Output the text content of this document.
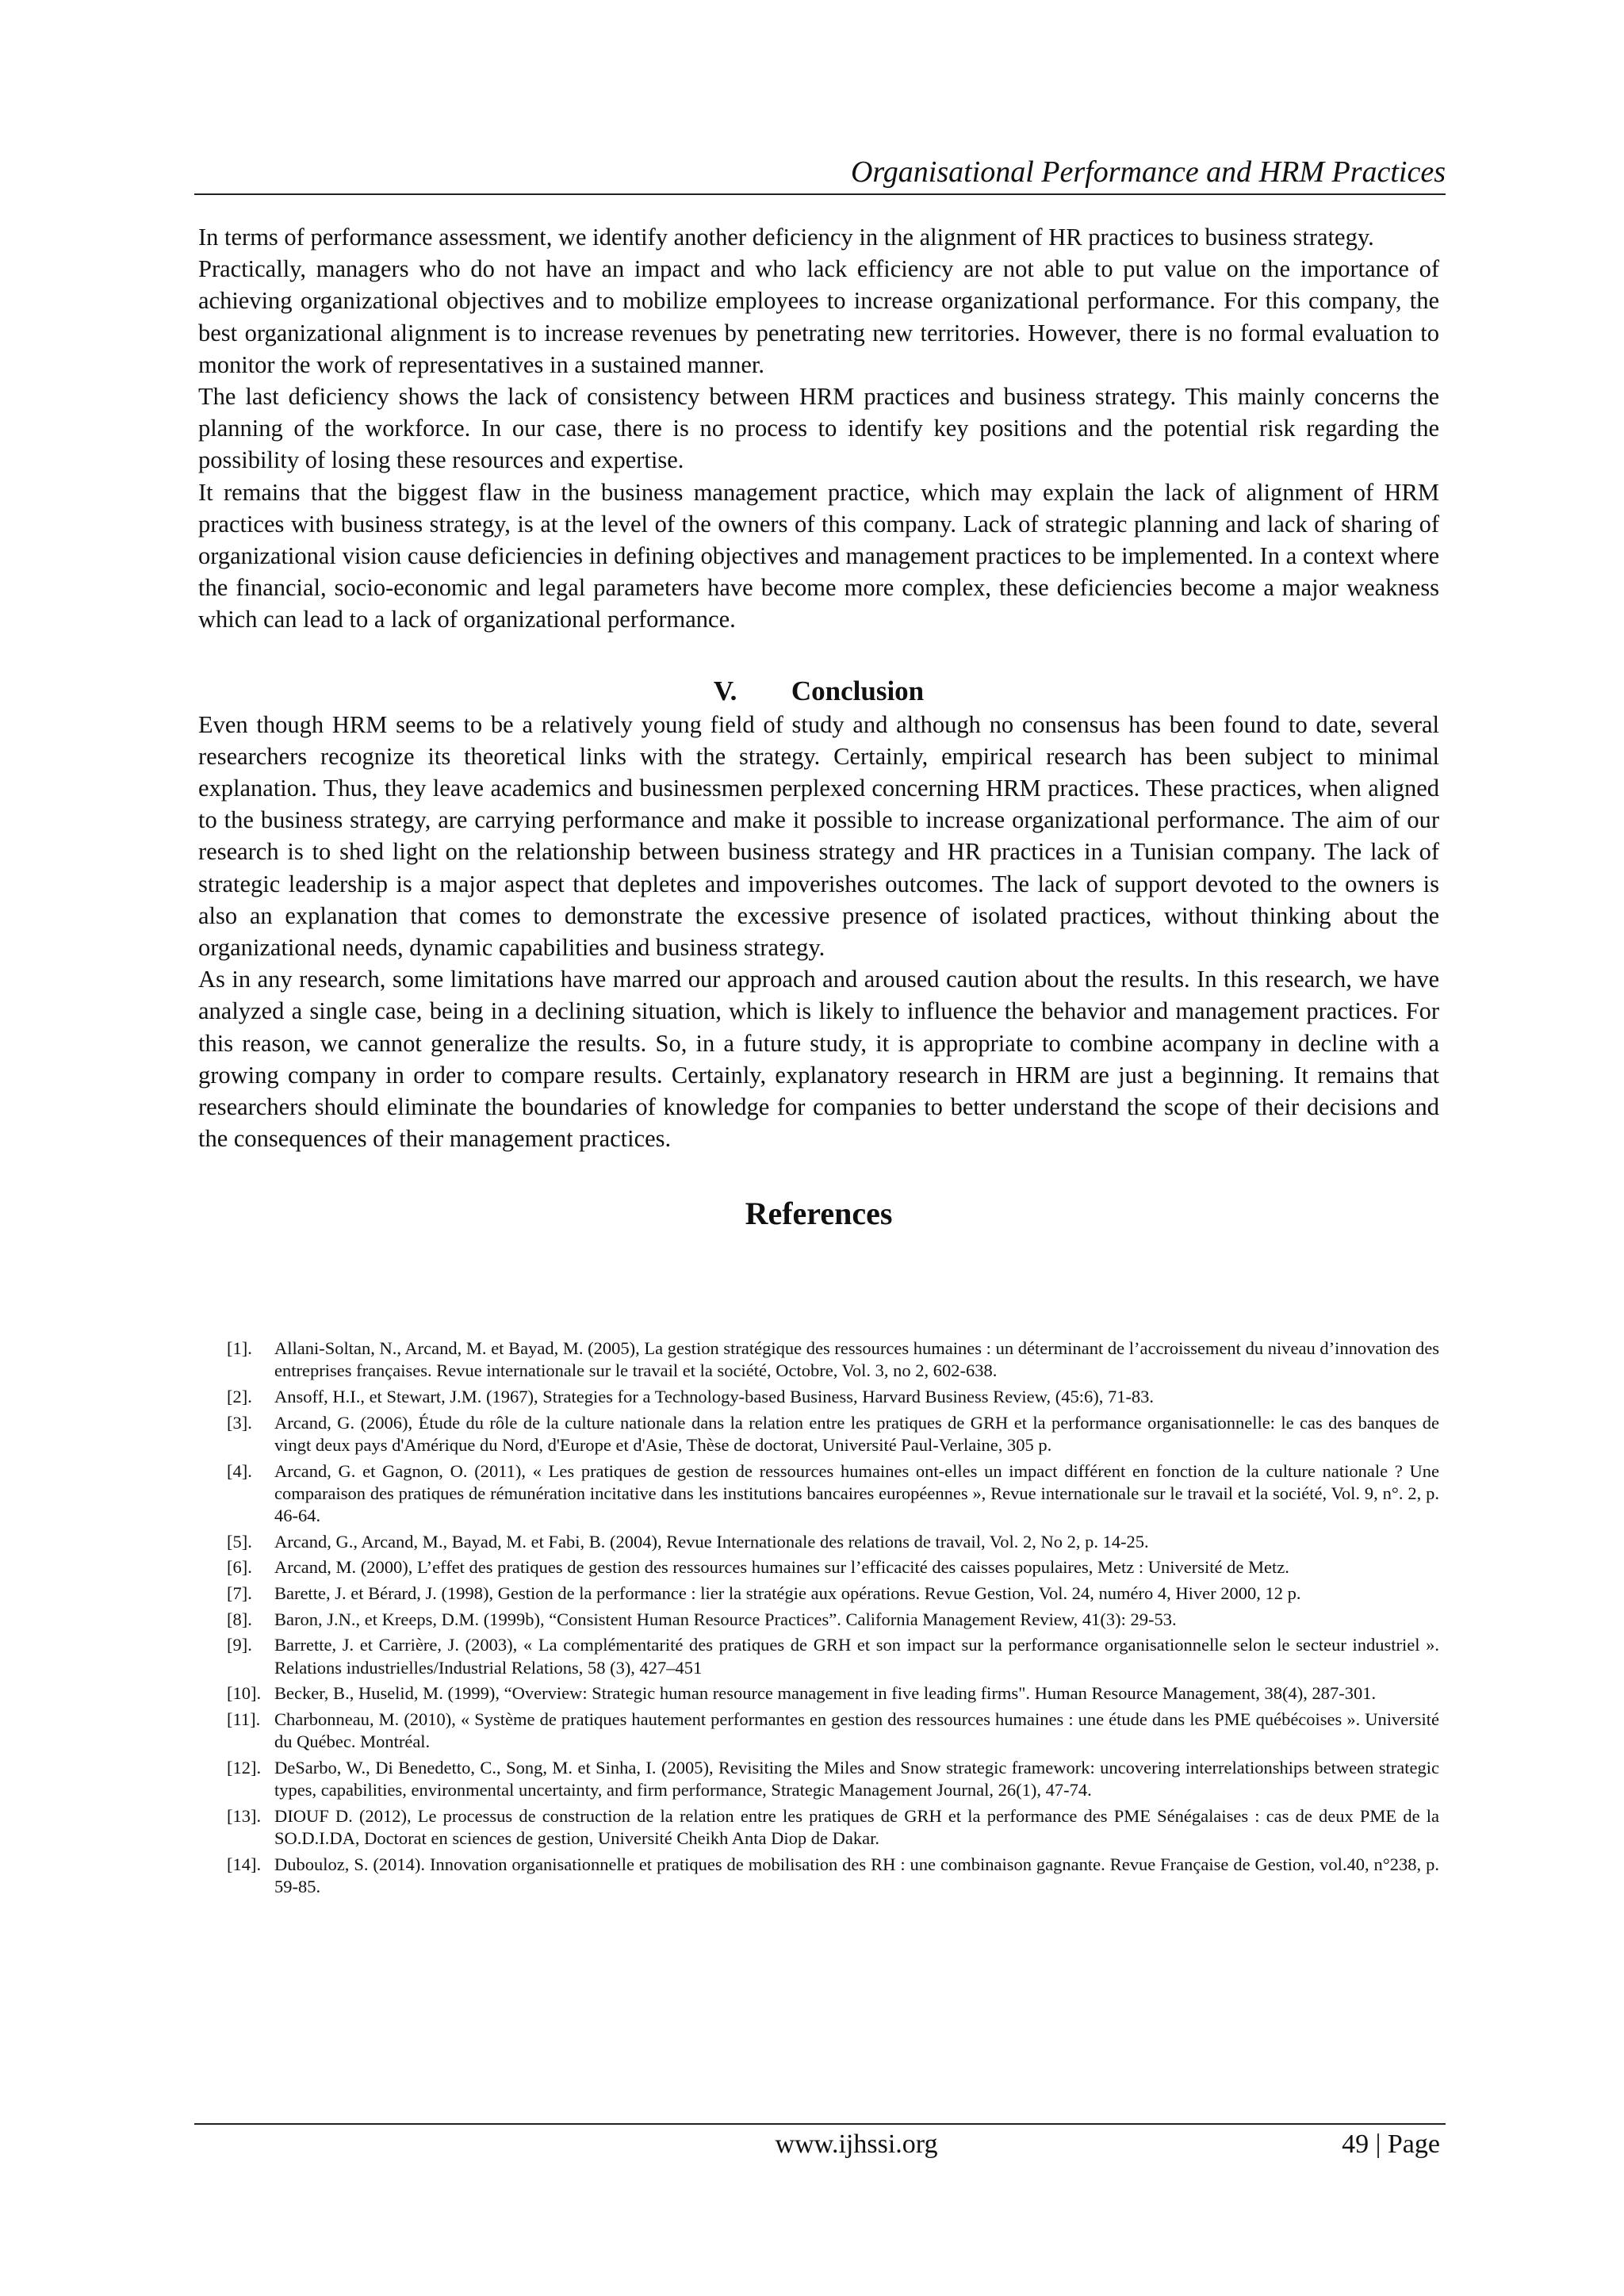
Organisational Performance and HRM Practices

In terms of performance assessment, we identify another deficiency in the alignment of HR practices to business strategy.

Practically, managers who do not have an impact and who lack efficiency are not able to put value on the importance of achieving organizational objectives and to mobilize employees to increase organizational performance. For this company, the best organizational alignment is to increase revenues by penetrating new territories. However, there is no formal evaluation to monitor the work of representatives in a sustained manner.

The last deficiency shows the lack of consistency between HRM practices and business strategy. This mainly concerns the planning of the workforce. In our case, there is no process to identify key positions and the potential risk regarding the possibility of losing these resources and expertise.

It remains that the biggest flaw in the business management practice, which may explain the lack of alignment of HRM practices with business strategy, is at the level of the owners of this company. Lack of strategic planning and lack of sharing of organizational vision cause deficiencies in defining objectives and management practices to be implemented. In a context where the financial, socio-economic and legal parameters have become more complex, these deficiencies become a major weakness which can lead to a lack of organizational performance.

V. Conclusion

Even though HRM seems to be a relatively young field of study and although no consensus has been found to date, several researchers recognize its theoretical links with the strategy. Certainly, empirical research has been subject to minimal explanation. Thus, they leave academics and businessmen perplexed concerning HRM practices. These practices, when aligned to the business strategy, are carrying performance and make it possible to increase organizational performance. The aim of our research is to shed light on the relationship between business strategy and HR practices in a Tunisian company. The lack of strategic leadership is a major aspect that depletes and impoverishes outcomes. The lack of support devoted to the owners is also an explanation that comes to demonstrate the excessive presence of isolated practices, without thinking about the organizational needs, dynamic capabilities and business strategy.

As in any research, some limitations have marred our approach and aroused caution about the results. In this research, we have analyzed a single case, being in a declining situation, which is likely to influence the behavior and management practices. For this reason, we cannot generalize the results. So, in a future study, it is appropriate to combine acompany in decline with a growing company in order to compare results. Certainly, explanatory research in HRM are just a beginning. It remains that researchers should eliminate the boundaries of knowledge for companies to better understand the scope of their decisions and the consequences of their management practices.

References
[1].	Allani-Soltan, N., Arcand, M. et Bayad, M. (2005), La gestion stratégique des ressources humaines : un déterminant de l’accroissement du niveau d’innovation des entreprises françaises. Revue internationale sur le travail et la société, Octobre, Vol. 3, no 2, 602-638.
[2].	Ansoff, H.I., et Stewart, J.M. (1967), Strategies for a Technology-based Business, Harvard Business Review, (45:6), 71-83.
[3].	Arcand, G. (2006), Étude du rôle de la culture nationale dans la relation entre les pratiques de GRH et la performance organisationnelle: le cas des banques de vingt deux pays d'Amérique du Nord, d'Europe et d'Asie, Thèse de doctorat, Université Paul-Verlaine, 305 p.
[4].	Arcand, G. et Gagnon, O. (2011), « Les pratiques de gestion de ressources humaines ont-elles un impact différent en fonction de la culture nationale ? Une comparaison des pratiques de rémunération incitative dans les institutions bancaires européennes », Revue internationale sur le travail et la société, Vol. 9, n°. 2, p. 46-64.
[5].	Arcand, G., Arcand, M., Bayad, M. et Fabi, B. (2004), Revue Internationale des relations de travail, Vol. 2, No 2, p. 14-25.
[6].	Arcand, M. (2000), L’effet des pratiques de gestion des ressources humaines sur l’efficacité des caisses populaires, Metz : Université de Metz.
[7].	Barette, J. et Bérard, J. (1998), Gestion de la performance : lier la stratégie aux opérations. Revue Gestion, Vol. 24, numéro 4, Hiver 2000, 12 p.
[8].	Baron, J.N., et Kreeps, D.M. (1999b), “Consistent Human Resource Practices”. California Management Review, 41(3): 29-53.
[9].	Barrette, J. et Carrière, J. (2003), « La complémentarité des pratiques de GRH et son impact sur la performance organisationnelle selon le secteur industriel ». Relations industrielles/Industrial Relations, 58 (3), 427–451
[10]. Becker, B., Huselid, M. (1999), “Overview: Strategic human resource management in five leading firms". Human Resource Management, 38(4), 287-301.
[11]. Charbonneau, M. (2010), « Système de pratiques hautement performantes en gestion des ressources humaines : une étude dans les PME québécoises ». Université du Québec. Montréal.
[12]. DeSarbo, W., Di Benedetto, C., Song, M. et Sinha, I. (2005), Revisiting the Miles and Snow strategic framework: uncovering interrelationships between strategic types, capabilities, environmental uncertainty, and firm performance, Strategic Management Journal, 26(1), 47-74.
[13]. DIOUF D. (2012), Le processus de construction de la relation entre les pratiques de GRH et la performance des PME Sénégalaises : cas de deux PME de la SO.D.I.DA, Doctorat en sciences de gestion, Université Cheikh Anta Diop de Dakar.
[14]. Dubouloz, S. (2014). Innovation organisationnelle et pratiques de mobilisation des RH : une combinaison gagnante. Revue Française de Gestion, vol.40, n°238, p. 59-85.
www.ijhssi.org	49 | Page
